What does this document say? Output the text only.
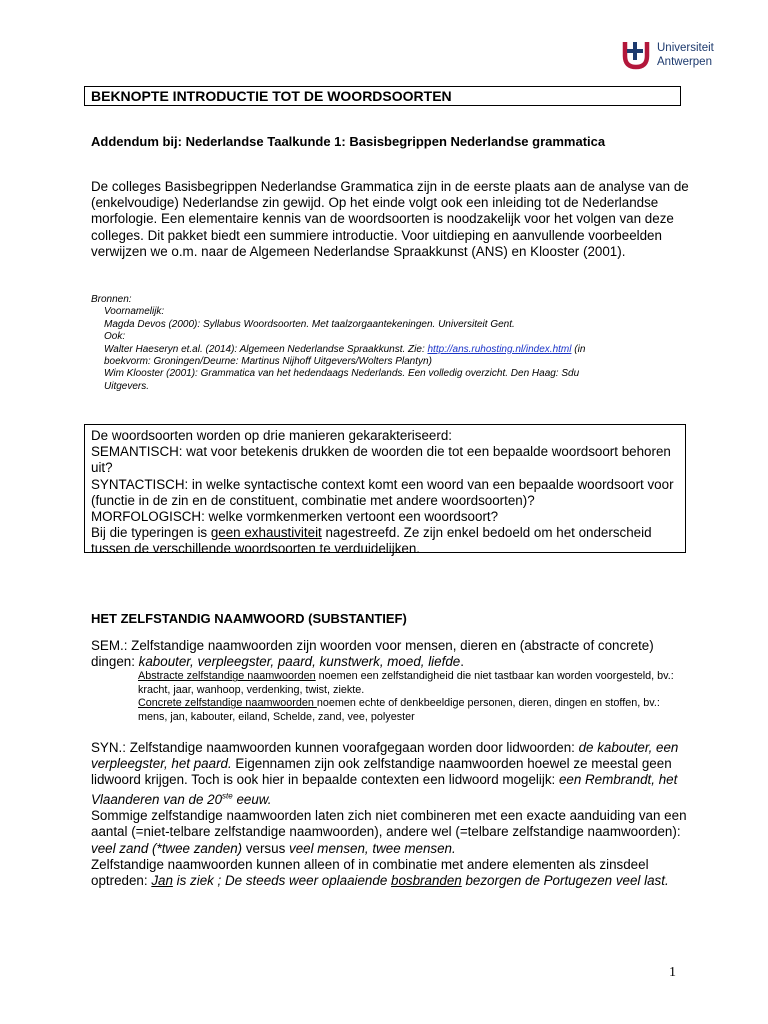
Universiteit
Antwerpen
BEKNOPTE INTRODUCTIE TOT DE WOORDSOORTEN
Addendum bij: Nederlandse Taalkunde 1: Basisbegrippen Nederlandse grammatica

De colleges Basisbegrippen Nederlandse Grammatica zijn in de eerste plaats aan de analyse van de (enkelvoudige) Nederlandse zin gewijd. Op het einde volgt ook een inleiding tot de Nederlandse morfologie. Een elementaire kennis van de woordsoorten is noodzakelijk voor het volgen van deze colleges. Dit pakket biedt een summiere introductie. Voor uitdieping en aanvullende voorbeelden verwijzen we o.m. naar de Algemeen Nederlandse Spraakkunst (ANS) en Klooster (2001).

Bronnen:
Voornamelijk:
Magda Devos (2000): Syllabus Woordsoorten. Met taalzorgaantekeningen. Universiteit Gent.
Ook:
Walter Haeseryn et.al. (2014): Algemeen Nederlandse Spraakkunst. Zie: http://ans.ruhosting.nl/index.html (in
boekvorm: Groningen/Deurne: Martinus Nijhoff Uitgevers/Wolters Plantyn)
Wim Klooster (2001): Grammatica van het hedendaags Nederlands. Een volledig overzicht. Den Haag: Sdu
Uitgevers.

De woordsoorten worden op drie manieren gekarakteriseerd:

SEMANTISCH: wat voor betekenis drukken de woorden die tot een bepaalde woordsoort behoren uit?

SYNTACTISCH: in welke syntactische context komt een woord van een bepaalde woordsoort voor (functie in de zin en de constituent, combinatie met andere woordsoorten)?

MORFOLOGISCH: welke vormkenmerken vertoont een woordsoort?

Bij die typeringen is geen exhaustiviteit nagestreefd. Ze zijn enkel bedoeld om het onderscheid tussen de verschillende woordsoorten te verduidelijken.

HET ZELFSTANDIG NAAMWOORD (SUBSTANTIEF)

SEM.: Zelfstandige naamwoorden zijn woorden voor mensen, dieren en (abstracte of concrete) dingen: kabouter, verpleegster, paard, kunstwerk, moed, liefde.

Abstracte zelfstandige naamwoorden noemen een zelfstandigheid die niet tastbaar kan worden voorgesteld, bv.: kracht, jaar, wanhoop, verdenking, twist, ziekte.

Concrete zelfstandige naamwoorden noemen echte of denkbeeldige personen, dieren, dingen en stoffen, bv.: mens, jan, kabouter, eiland, Schelde, zand, vee, polyester

SYN.: Zelfstandige naamwoorden kunnen voorafgegaan worden door lidwoorden: de kabouter, een verpleegster, het paard. Eigennamen zijn ook zelfstandige naamwoorden hoewel ze meestal geen lidwoord krijgen. Toch is ook hier in bepaalde contexten een lidwoord mogelijk: een Rembrandt, het Vlaanderen van de 20ste eeuw.

Sommige zelfstandige naamwoorden laten zich niet combineren met een exacte aanduiding van een aantal (=niet-telbare zelfstandige naamwoorden), andere wel (=telbare zelfstandige naamwoorden): veel zand (*twee zanden) versus veel mensen, twee mensen.

Zelfstandige naamwoorden kunnen alleen of in combinatie met andere elementen als zinsdeel optreden: Jan is ziek ; De steeds weer oplaaiende bosbranden bezorgen de Portugezen veel last.

1
